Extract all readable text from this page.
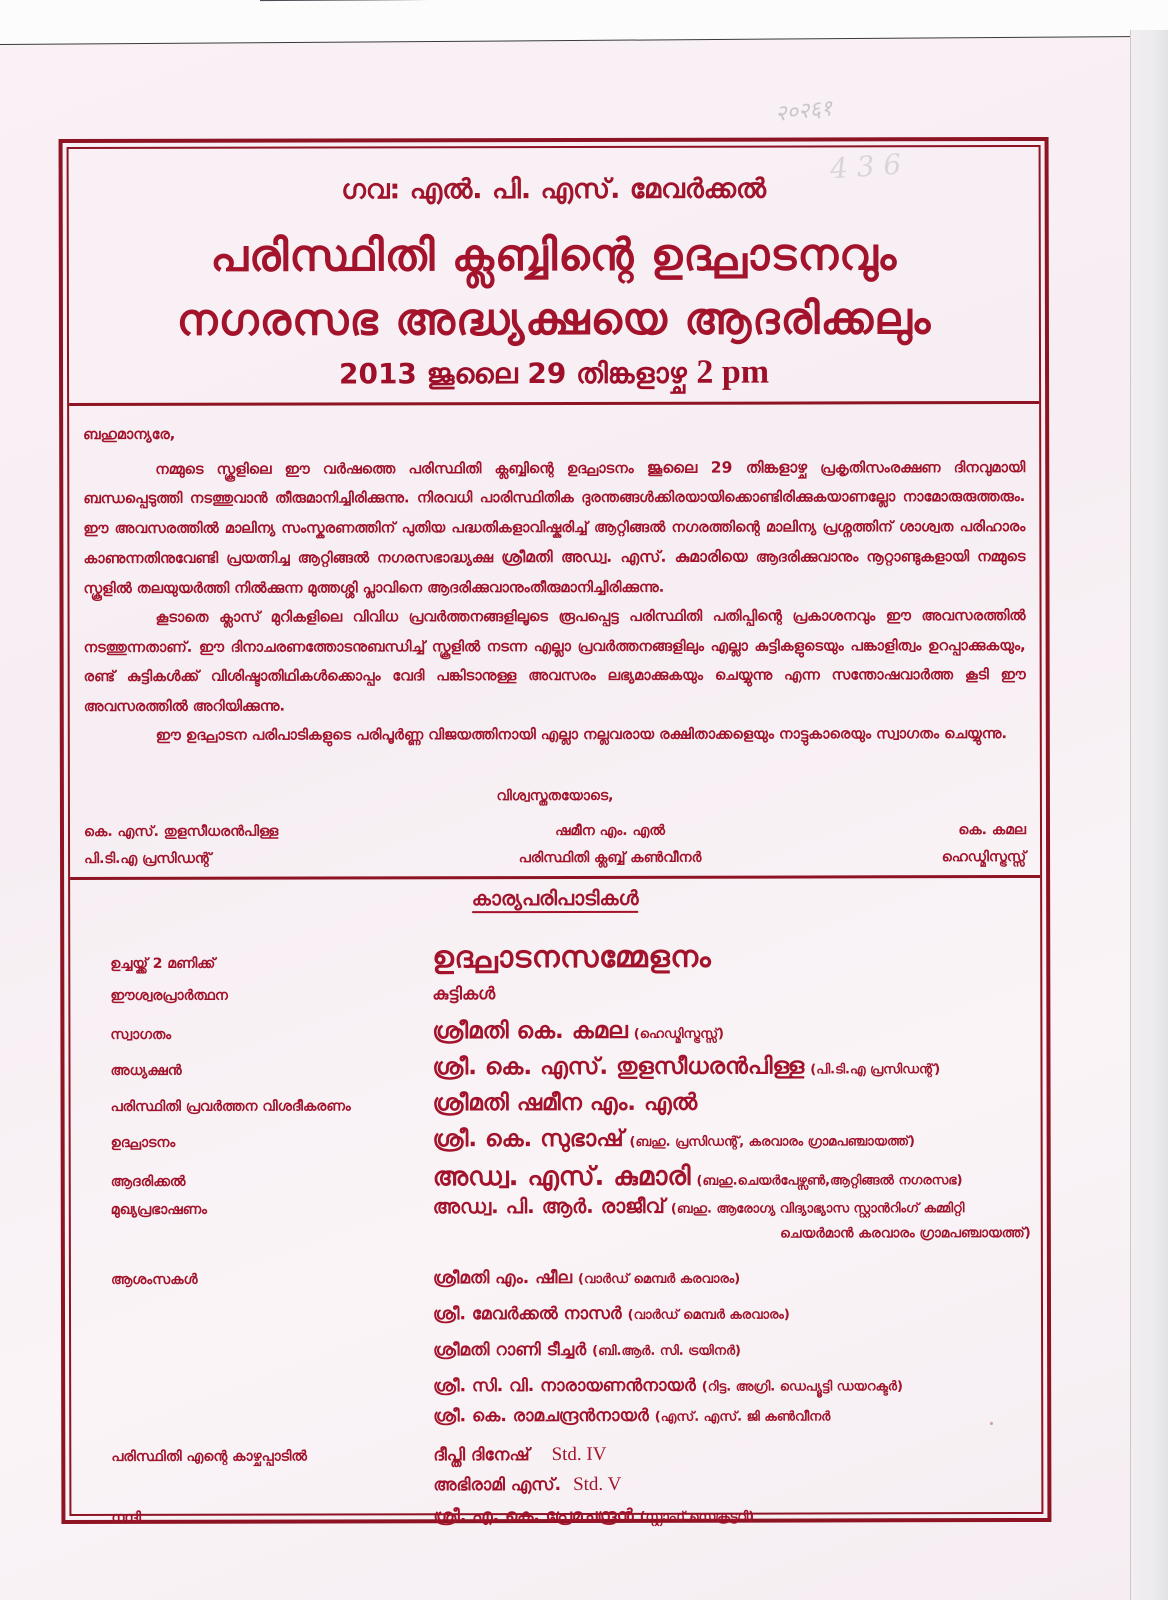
२०२६१
4 3 6
ഗവ: എൽ. പി. എസ്. മേവർക്കൽ
പരിസ്ഥിതി ക്ലബ്ബിന്റെ ഉദ്ഘാടനവും
നഗരസഭ അദ്ധ്യക്ഷയെ ആദരിക്കലും
2013 ജൂലൈ 29 തിങ്കളാഴ്ച 2 pm

ബഹുമാന്യരേ,

നമ്മുടെ സ്കൂളിലെ ഈ വർഷത്തെ പരിസ്ഥിതി ക്ലബ്ബിന്റെ ഉദ്ഘാടനം ജൂലൈ 29 തിങ്കളാഴ്ച പ്രകൃതിസംരക്ഷണ ദിനവുമായി ബന്ധപ്പെടുത്തി നടത്തുവാൻ തീരുമാനിച്ചിരിക്കുന്നു. നിരവധി പാരിസ്ഥിതിക ദുരന്തങ്ങൾക്കിരയായിക്കൊണ്ടിരിക്കുകയാണല്ലോ നാമോരുരുത്തരും. ഈ അവസരത്തിൽ മാലിന്യ സംസ്കരണത്തിന് പുതിയ പദ്ധതികളാവിഷ്കരിച്ച് ആറ്റിങ്ങൽ നഗരത്തിന്റെ മാലിന്യ പ്രശ്നത്തിന് ശാശ്വത പരിഹാരം കാണുന്നതിനുവേണ്ടി പ്രയത്നിച്ച ആറ്റിങ്ങൽ നഗരസഭാദ്ധ്യക്ഷ ശ്രീമതി അഡ്വ. എസ്. കുമാരിയെ ആദരിക്കുവാനും നൂറ്റാണ്ടുകളായി നമ്മുടെ സ്കൂളിൽ തലയുയർത്തി നിൽക്കുന്ന മുത്തശ്ശി പ്ലാവിനെ ആദരിക്കുവാനുംതീരുമാനിച്ചിരിക്കുന്നു.

കൂടാതെ ക്ലാസ് മുറികളിലെ വിവിധ പ്രവർത്തനങ്ങളിലൂടെ രൂപപ്പെട്ട പരിസ്ഥിതി പതിപ്പിന്റെ പ്രകാശനവും ഈ അവസരത്തിൽ നടത്തുന്നതാണ്. ഈ ദിനാചരണത്തോടനുബന്ധിച്ച് സ്കൂളിൽ നടന്ന എല്ലാ പ്രവർത്തനങ്ങളിലും എല്ലാ കുട്ടികളുടെയും പങ്കാളിത്വം ഉറപ്പാക്കുകയും, രണ്ട് കുട്ടികൾക്ക് വിശിഷ്ടാതിഥികൾക്കൊപ്പം വേദി പങ്കിടാനുള്ള അവസരം ലഭ്യമാക്കുകയും ചെയ്യുന്നു എന്ന സന്തോഷവാർത്ത കൂടി ഈ അവസരത്തിൽ അറിയിക്കുന്നു.

ഈ ഉദ്ഘാടന പരിപാടികളുടെ പരിപൂർണ്ണ വിജയത്തിനായി എല്ലാ നല്ലവരായ രക്ഷിതാക്കളെയും നാട്ടുകാരെയും സ്വാഗതം ചെയ്യുന്നു.

വിശ്വസ്തതയോടെ,
കെ. എസ്. തുളസീധരൻപിള്ള
പി.ടി.എ പ്രസിഡന്റ്
ഷമീന എം. എൽ
പരിസ്ഥിതി ക്ലബ്ബ് കൺവീനർ
കെ. കമല
ഹെഡ്മിസ്ട്രസ്സ്
കാര്യപരിപാടികൾ
ഉച്ചയ്ക്ക് 2 മണിക്ക്	ഉദ്ഘാടനസമ്മേളനം
ഈശ്വരപ്രാർത്ഥന	കുട്ടികൾ
സ്വാഗതം	ശ്രീമതി കെ. കമല (ഹെഡ്മിസ്ട്രസ്സ്)
അധ്യക്ഷൻ	ശ്രീ. കെ. എസ്. തുളസീധരൻപിള്ള (പി.ടി.എ പ്രസിഡന്റ്)
പരിസ്ഥിതി പ്രവർത്തന വിശദീകരണം	ശ്രീമതി ഷമീന എം. എൽ
ഉദ്ഘാടനം	ശ്രീ. കെ. സുഭാഷ് (ബഹു. പ്രസിഡന്റ്, കരവാരം ഗ്രാമപഞ്ചായത്ത്)
ആദരിക്കൽ	അഡ്വ. എസ്. കുമാരി (ബഹു.ചെയർപേഴ്സൺ,ആറ്റിങ്ങൽ നഗരസഭ)
മുഖ്യപ്രഭാഷണം	അഡ്വ. പി. ആർ. രാജീവ് (ബഹു. ആരോഗ്യ വിദ്യാഭ്യാസ സ്റ്റാൻറിംഗ് കമ്മിറ്റി
ചെയർമാൻ കരവാരം ഗ്രാമപഞ്ചായത്ത്)
ആശംസകൾ	ശ്രീമതി എം. ഷീല (വാർഡ് മെമ്പർ കരവാരം)
ശ്രീ. മേവർക്കൽ നാസർ (വാർഡ് മെമ്പർ കരവാരം)
ശ്രീമതി റാണി ടീച്ചർ (ബി.ആർ. സി. ട്രയിനർ)
ശ്രീ. സി. വി. നാരായണൻനായർ (റിട്ട. അഗ്രി. ഡെപ്യൂട്ടി ഡയറക്ടർ)
ശ്രീ. കെ. രാമചന്ദ്രൻനായർ (എസ്. എസ്. ജി കൺവീനർ
പരിസ്ഥിതി എന്റെ കാഴ്ചപ്പാടിൽ	ദീപ്തി ദിനേഷ് Std. IV
അഭിരാമി എസ്. Std. V
നന്ദി	ശ്രീ. എ. കെ. പ്രേമചന്ദ്രൻ (സ്റ്റാഫ് സെക്രട്ടറി)
